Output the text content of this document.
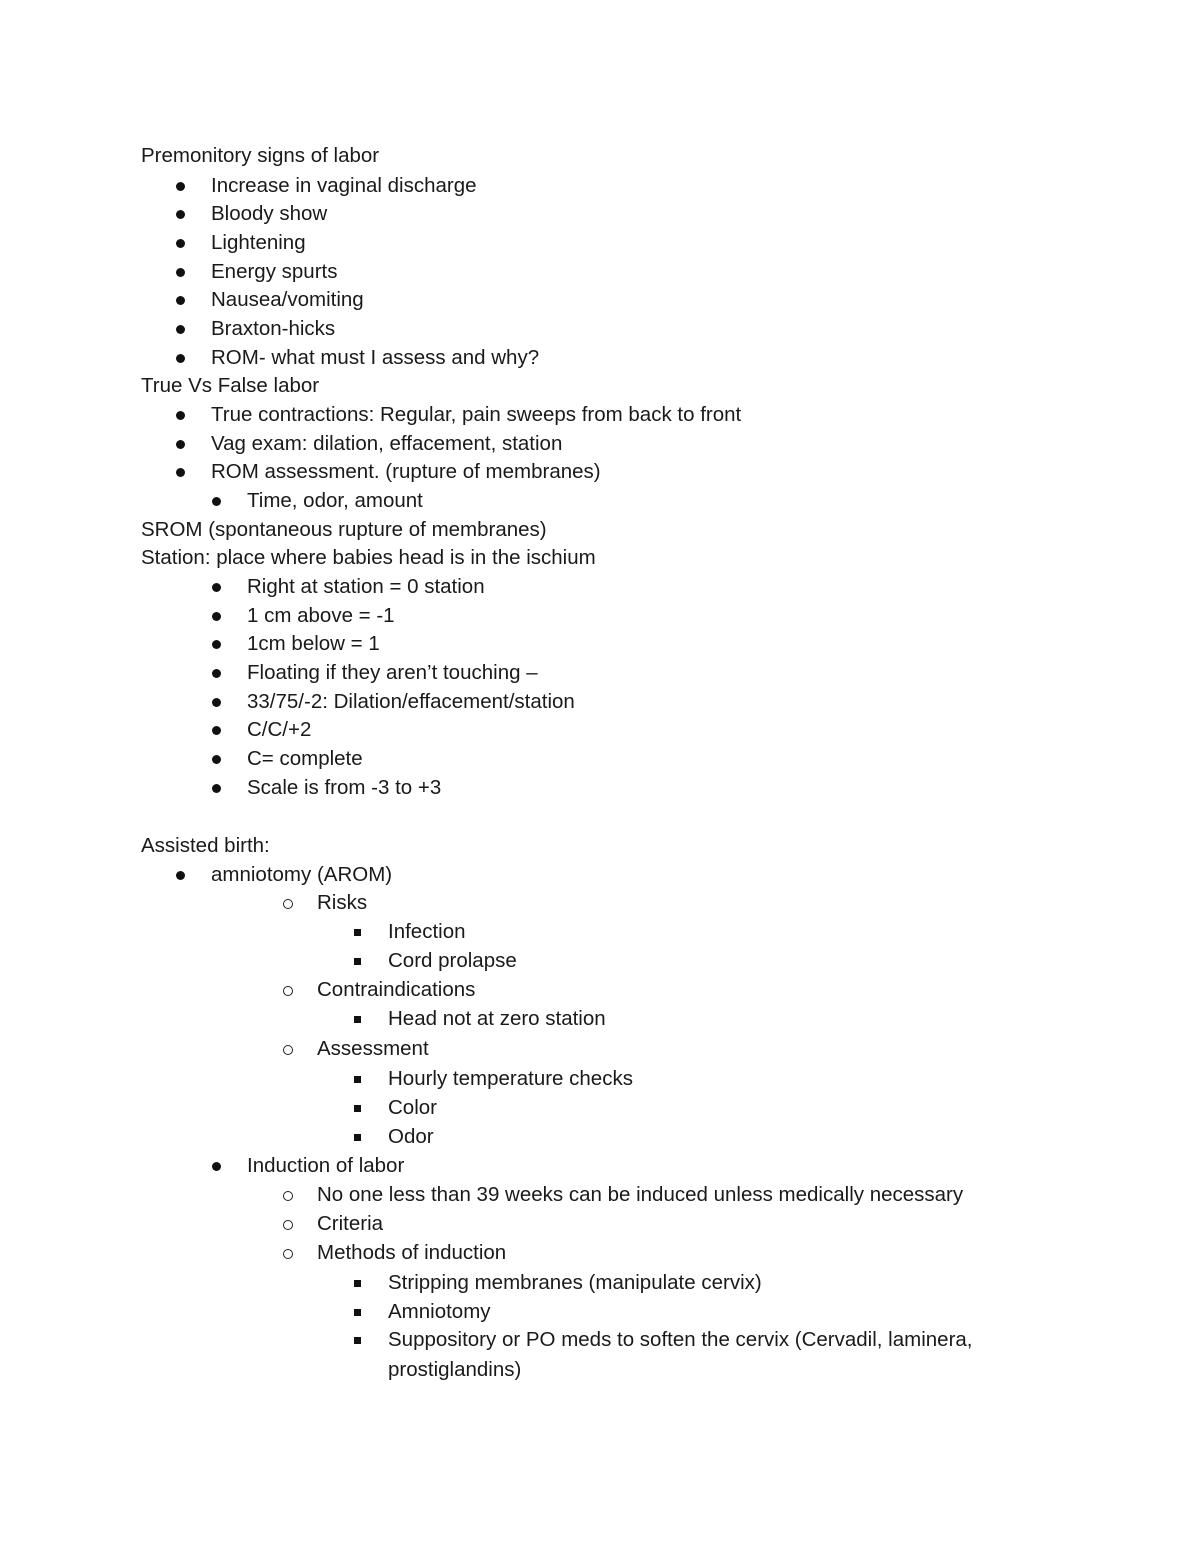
Premonitory signs of labor
Increase in vaginal discharge
Bloody show
Lightening
Energy spurts
Nausea/vomiting
Braxton-hicks
ROM- what must I assess and why?
True Vs False labor
True contractions: Regular, pain sweeps from back to front
Vag exam: dilation, effacement, station
ROM assessment. (rupture of membranes)
Time, odor, amount
SROM (spontaneous rupture of membranes)
Station: place where babies head is in the ischium
Right at station = 0 station
1 cm above = -1
1cm below = 1
Floating if they aren’t touching –
33/75/-2: Dilation/effacement/station
C/C/+2
C= complete
Scale is from -3 to +3
Assisted birth:
amniotomy (AROM)
Risks
Infection
Cord prolapse
Contraindications
Head not at zero station
Assessment
Hourly temperature checks
Color
Odor
Induction of labor
No one less than 39 weeks can be induced unless medically necessary
Criteria
Methods of induction
Stripping membranes (manipulate cervix)
Amniotomy
Suppository or PO meds to soften the cervix (Cervadil, laminera,
prostiglandins)
